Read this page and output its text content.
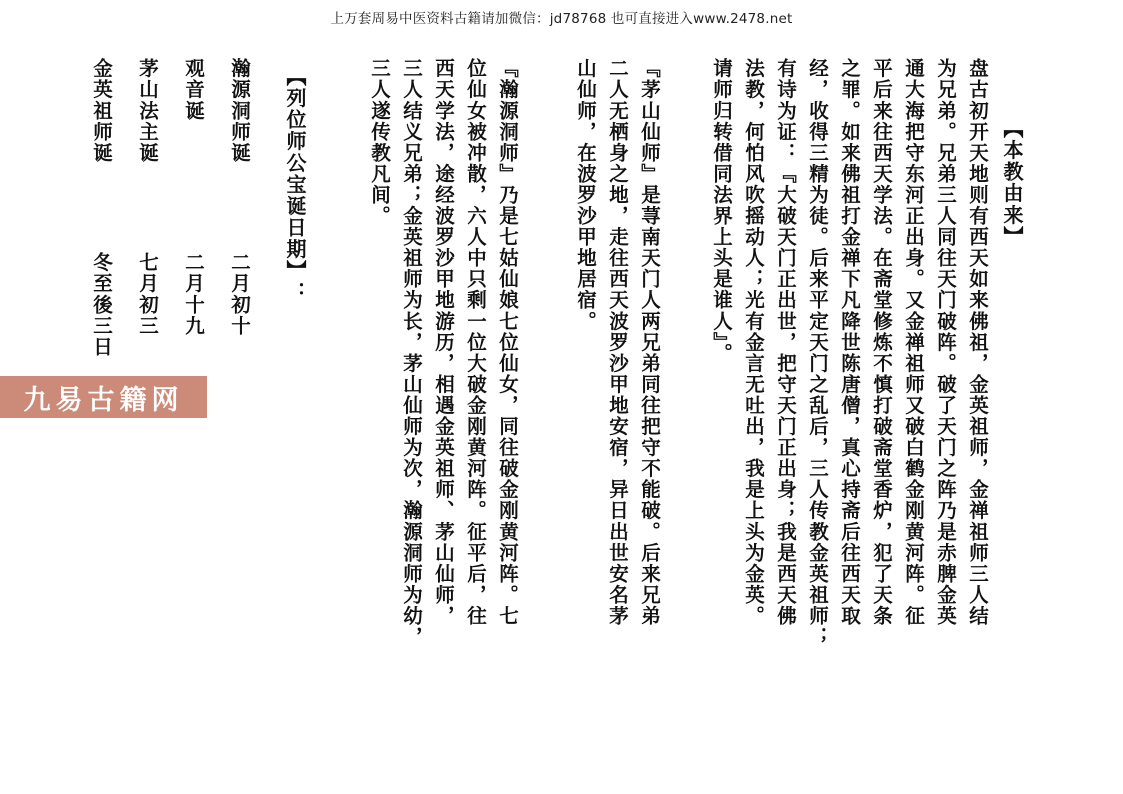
上万套周易中医资料古籍请加微信：jd78768 也可直接进入www.2478.net
【本教由来】
盘古初开天地则有西天如来佛祖，金英祖师，金禅祖师三人结
为兄弟。兄弟三人同往天门破阵。破了天门之阵乃是赤脾金英
通大海把守东河正出身。又金禅祖师又破白鹤金刚黄河阵。征
平后来往西天学法。在斋堂修炼不慎打破斋堂香炉，犯了天条
之罪。如来佛祖打金禅下凡降世陈唐僧，真心持斋后往西天取
经，收得三精为徒。后来平定天门之乱后，三人传教金英祖师；
有诗为证：『大破天门正出世，把守天门正出身；我是西天佛
法教，何怕风吹摇动人；光有金言无吐出，我是上头为金英。
请师归转借同法界上头是谁人』。
『茅山仙师』是荨南天门人两兄弟同往把守不能破。后来兄弟
二人无栖身之地，走往西天波罗沙甲地安宿，异日出世安名茅
山仙师，在波罗沙甲地居宿。
『瀚源洞师』乃是七姑仙娘七位仙女，同往破金刚黄河阵。七
位仙女被冲散，六人中只剩一位大破金刚黄河阵。征平后，往
西天学法，途经波罗沙甲地游历，相遇金英祖师、茅山仙师，
三人结义兄弟；金英祖师为长，茅山仙师为次，瀚源洞师为幼，
三人遂传教凡间。
【列位师公宝诞日期】：
瀚源洞师诞
二月初十
观音诞
二月十九
茅山法主诞
七月初三
金英祖师诞
冬至後三日
九易古籍网
